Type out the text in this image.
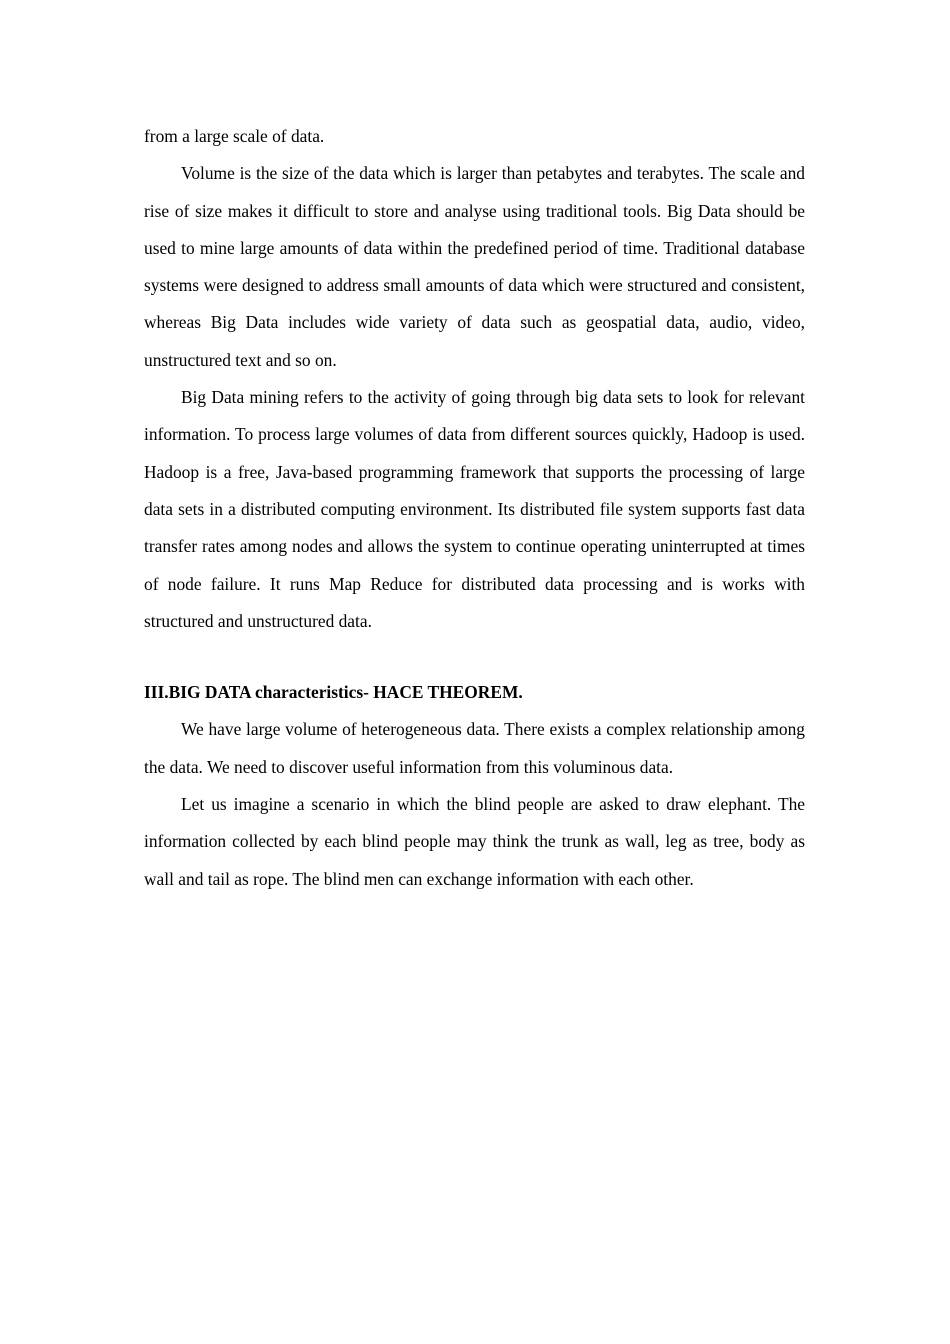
from a large scale of data.

Volume is the size of the data which is larger than petabytes and terabytes. The scale and rise of size makes it difficult to store and analyse using traditional tools. Big Data should be used to mine large amounts of data within the predefined period of time. Traditional database systems were designed to address small amounts of data which were structured and consistent, whereas Big Data includes wide variety of data such as geospatial data, audio, video, unstructured text and so on.

Big Data mining refers to the activity of going through big data sets to look for relevant information. To process large volumes of data from different sources quickly, Hadoop is used. Hadoop is a free, Java-based programming framework that supports the processing of large data sets in a distributed computing environment. Its distributed file system supports fast data transfer rates among nodes and allows the system to continue operating uninterrupted at times of node failure. It runs Map Reduce for distributed data processing and is works with structured and unstructured data.

III.BIG DATA characteristics- HACE THEOREM.

We have large volume of heterogeneous data. There exists a complex relationship among the data. We need to discover useful information from this voluminous data.

Let us imagine a scenario in which the blind people are asked to draw elephant. The information collected by each blind people may think the trunk as wall, leg as tree, body as wall and tail as rope. The blind men can exchange information with each other.
